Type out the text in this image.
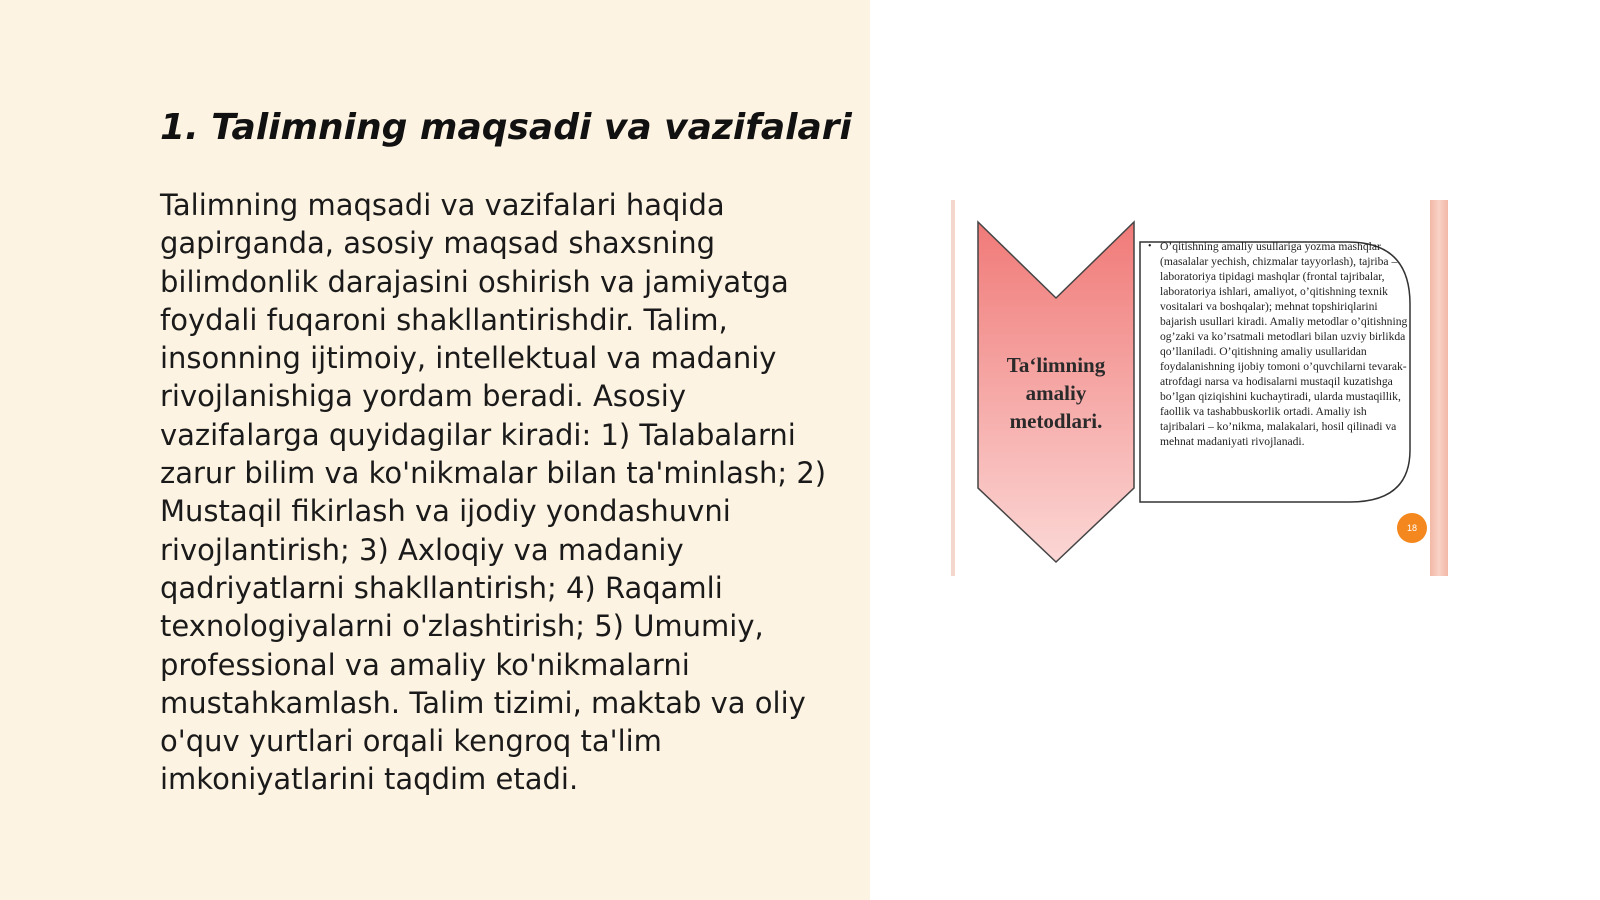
1. Talimning maqsadi va vazifalari

Talimning maqsadi va vazifalari haqida gapirganda, asosiy maqsad shaxsning bilimdonlik darajasini oshirish va jamiyatga foydali fuqaroni shakllantirishdir. Talim, insonning ijtimoiy, intellektual va madaniy rivojlanishiga yordam beradi. Asosiy vazifalarga quyidagilar kiradi: 1) Talabalarni zarur bilim va ko'nikmalar bilan ta'minlash; 2) Mustaqil fikirlash va ijodiy yondashuvni rivojlantirish; 3) Axloqiy va madaniy qadriyatlarni shakllantirish; 4) Raqamli texnologiyalarni o'zlashtirish; 5) Umumiy, professional va amaliy ko'nikmalarni mustahkamlash. Talim tizimi, maktab va oliy o'quv yurtlari orqali kengroq ta'lim imkoniyatlarini taqdim etadi.

Ta‘limning
amaliy
metodlari.
• O’qitishning amaliy usullariga yozma mashqlar (masalalar yechish, chizmalar tayyorlash), tajriba – laboratoriya tipidagi mashqlar (frontal tajribalar, laboratoriya ishlari, amaliyot, o’qitishning texnik vositalari va boshqalar); mehnat topshiriqlarini bajarish usullari kiradi. Amaliy metodlar o’qitishning og’zaki va ko’rsatmali metodlari bilan uzviy birlikda qo’llaniladi. O’qitishning amaliy usullaridan foydalanishning ijobiy tomoni o’quvchilarni tevarak-atrofdagi narsa va hodisalarni mustaqil kuzatishga bo’lgan qiziqishini kuchaytiradi, ularda mustaqillik, faollik va tashabbuskorlik ortadi. Amaliy ish tajribalari – ko’nikma, malakalari, hosil qilinadi va mehnat madaniyati rivojlanadi.
18
